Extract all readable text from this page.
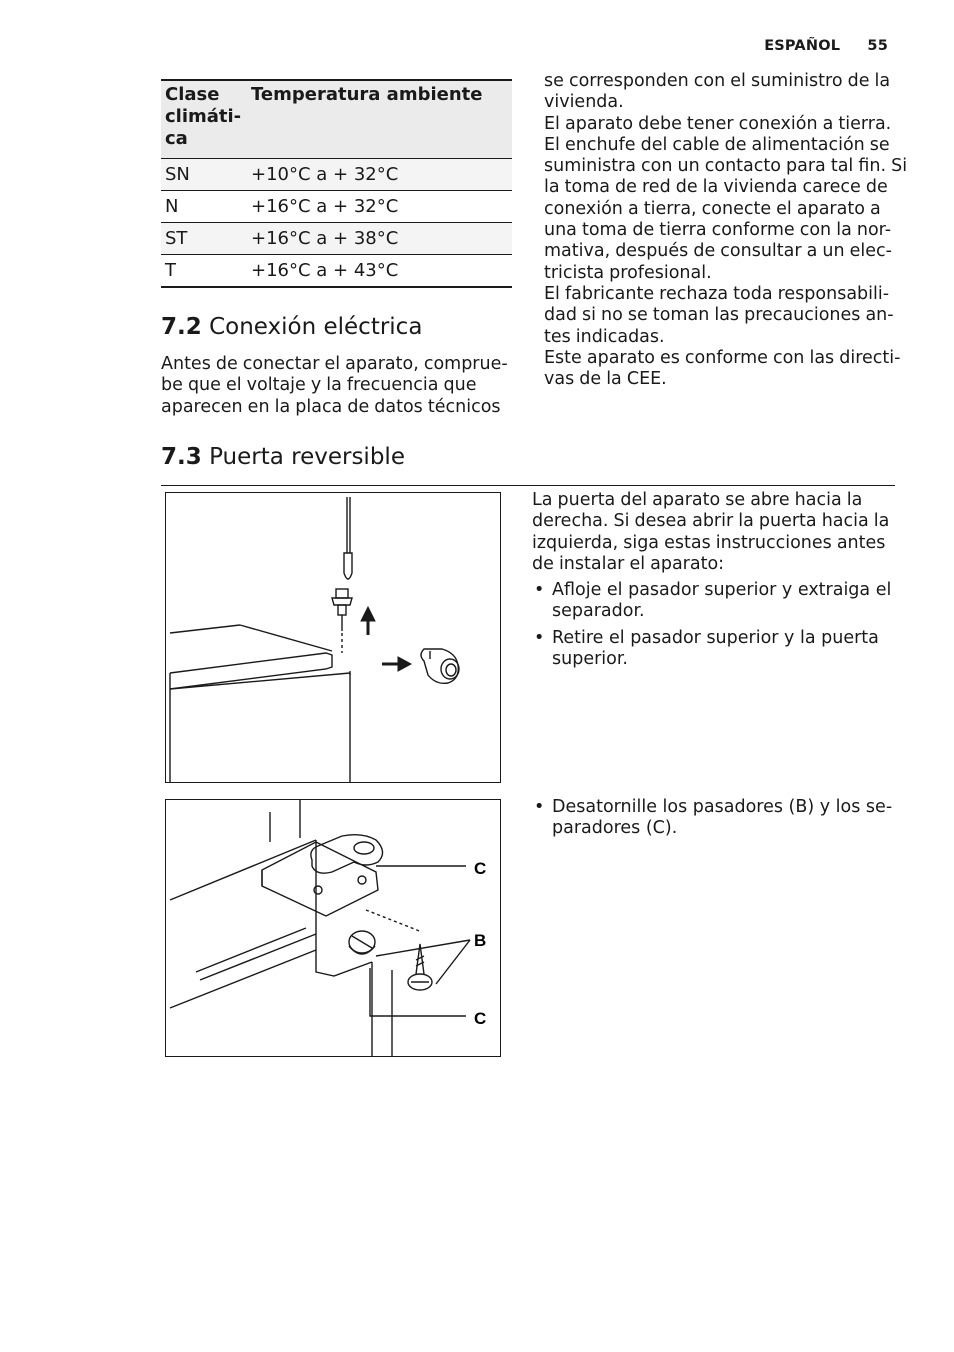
ESPAÑOL 55
Clase
climáti-
ca	Temperatura ambiente
SN	+10°C a + 32°C
N	+16°C a + 32°C
ST	+16°C a + 38°C
T	+16°C a + 43°C
7.2 Conexión eléctrica
Antes de conectar el aparato, comprue-
be que el voltaje y la frecuencia que
aparecen en la placa de datos técnicos
se corresponden con el suministro de la
vivienda.
El aparato debe tener conexión a tierra.
El enchufe del cable de alimentación se
suministra con un contacto para tal fin. Si
la toma de red de la vivienda carece de
conexión a tierra, conecte el aparato a
una toma de tierra conforme con la nor-
mativa, después de consultar a un elec-
tricista profesional.
El fabricante rechaza toda responsabili-
dad si no se toman las precauciones an-
tes indicadas.
Este aparato es conforme con las directi-
vas de la CEE.
7.3 Puerta reversible
La puerta del aparato se abre hacia la
derecha. Si desea abrir la puerta hacia la
izquierda, siga estas instrucciones antes
de instalar el aparato:
• Afloje el pasador superior y extraiga el
separador.
• Retire el pasador superior y la puerta
superior.
C
B
C
• Desatornille los pasadores (B) y los se-
paradores (C).
